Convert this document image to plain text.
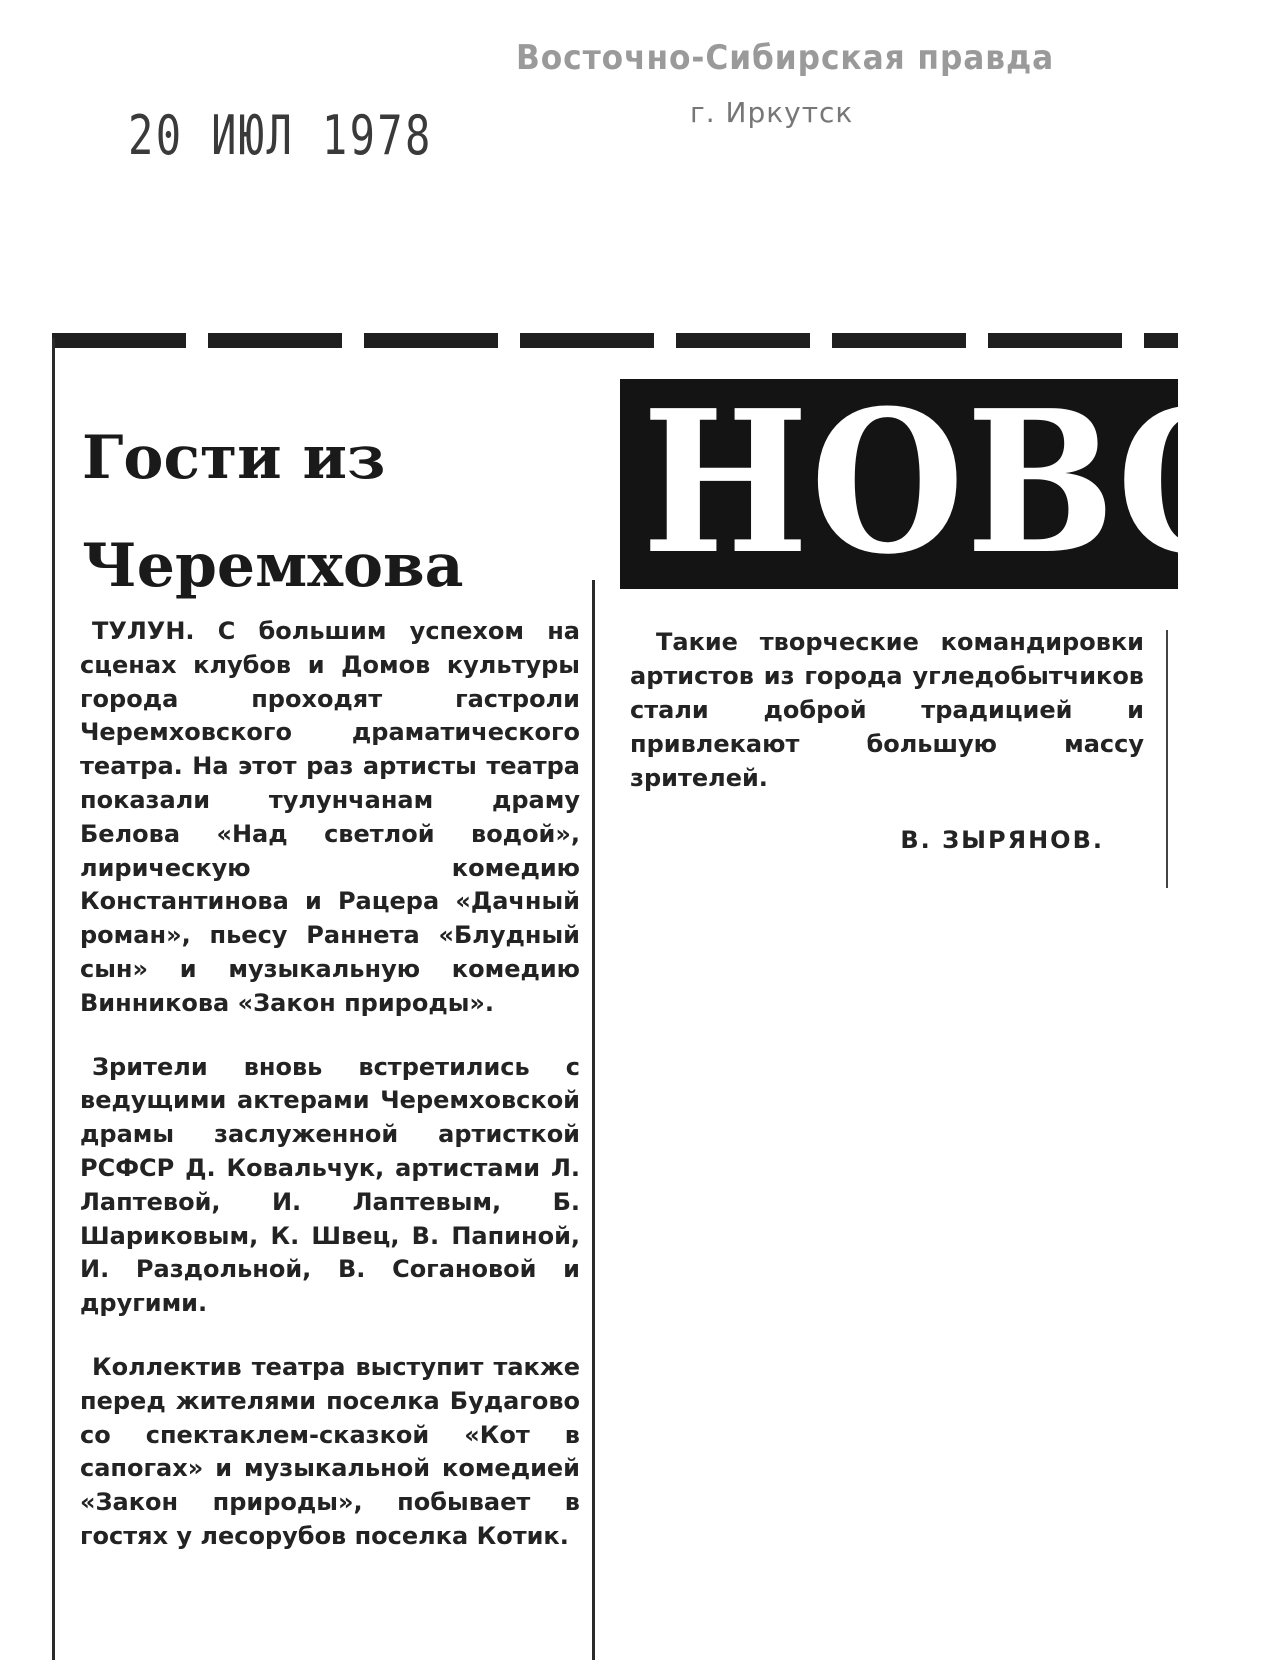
20 ИЮЛ 1978
Восточно-Сибирская правда
г. Иркутск
НОВО
Гости из
Черемхова

ТУЛУН. С большим успехом на сценах клубов и Домов культуры города проходят гастроли Черемховского драматического театра. На этот раз артисты театра показали тулунчанам драму Белова «Над светлой водой», лирическую комедию Константинова и Рацера «Дачный роман», пьесу Раннета «Блудный сын» и музыкальную комедию Винникова «Закон природы».

Зрители вновь встретились с ведущими актерами Черемховской драмы заслуженной артисткой РСФСР Д. Ковальчук, артистами Л. Лаптевой, И. Лаптевым, Б. Шариковым, К. Швец, В. Папиной, И. Раздольной, В. Согановой и другими.

Коллектив театра выступит также перед жителями поселка Будагово со спектаклем-сказкой «Кот в сапогах» и музыкальной комедией «Закон природы», побывает в гостях у лесорубов поселка Котик.

Такие творческие командировки артистов из города угледобытчиков стали доброй традицией и привлекают большую массу зрителей.

В. ЗЫРЯНОВ.
